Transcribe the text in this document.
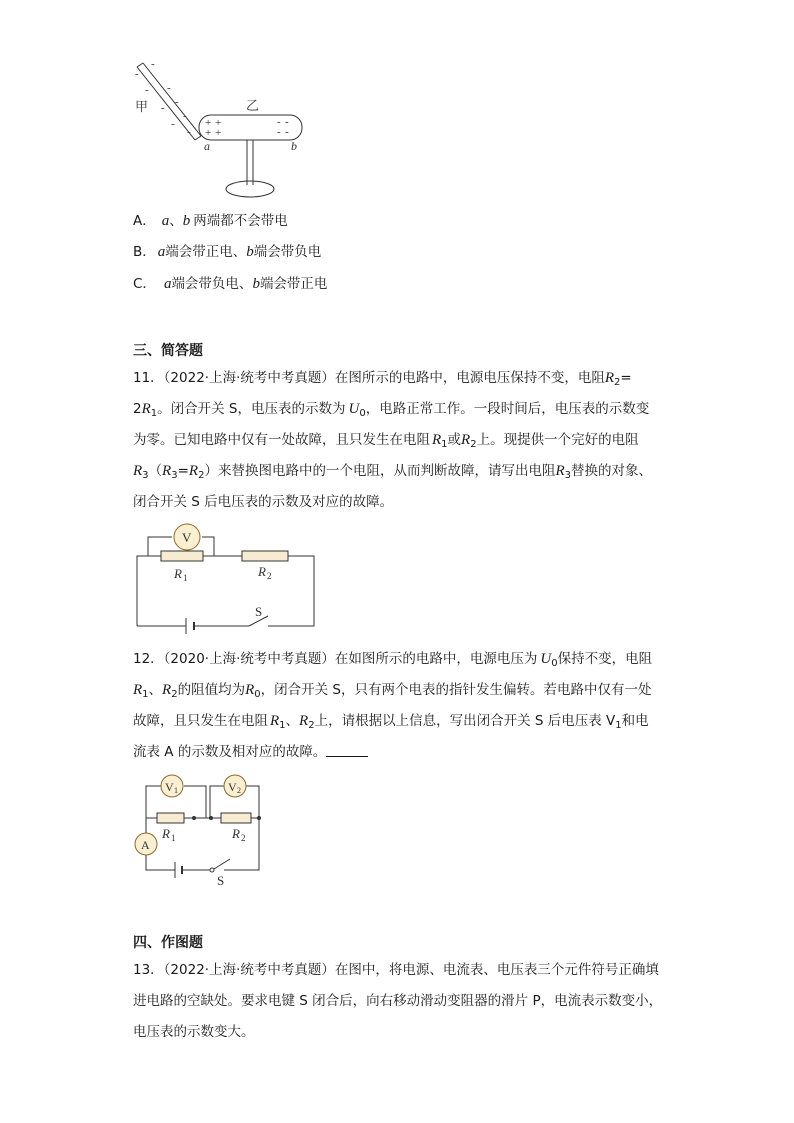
-
-
-
-
-
-
-
-
-
甲	乙
+ +
+ +
- -
- -
a	b
A． a、b 两端都不会带电
B． a端会带正电、b端会带负电
C． a端会带负电、b端会带正电
三、简答题
11．（2022·上海·统考中考真题）在图所示的电路中，电源电压保持不变，电阻$R_2=$
$2R_1$。闭合开关 S，电压表的示数为 $U_0$，电路正常工作。一段时间后，电压表的示数变
为零。已知电路中仅有一处故障，且只发生在电阻 $R_1$或$R_2$上。现提供一个完好的电阻
$R_3(R_3=R_2)$来替换图电路中的一个电阻，从而判断故障，请写出电阻$R_3$替换的对象、
闭合开关 S 后电压表的示数及对应的故障。
V
R 1	R 2
S
12．（2020·上海·统考中考真题）在如图所示的电路中，电源电压为 $U_0$保持不变，电阻
$R_1$、$R_2$的阻值均为$R_0$，闭合开关 S，只有两个电表的指针发生偏转。若电路中仅有一处
故障，且只发生在电阻 $R_1$、$R_2$上，请根据以上信息，写出闭合开关 S 后电压表 $V_1$和电
流表 A 的示数及相对应的故障。
V 1	V 2
A
R 1	R 2
S
四、作图题
13．（2022·上海·统考中考真题）在图中，将电源、电流表、电压表三个元件符号正确填
进电路的空缺处。要求电键 S 闭合后，向右移动滑动变阻器的滑片 P，电流表示数变小，
电压表的示数变大。
